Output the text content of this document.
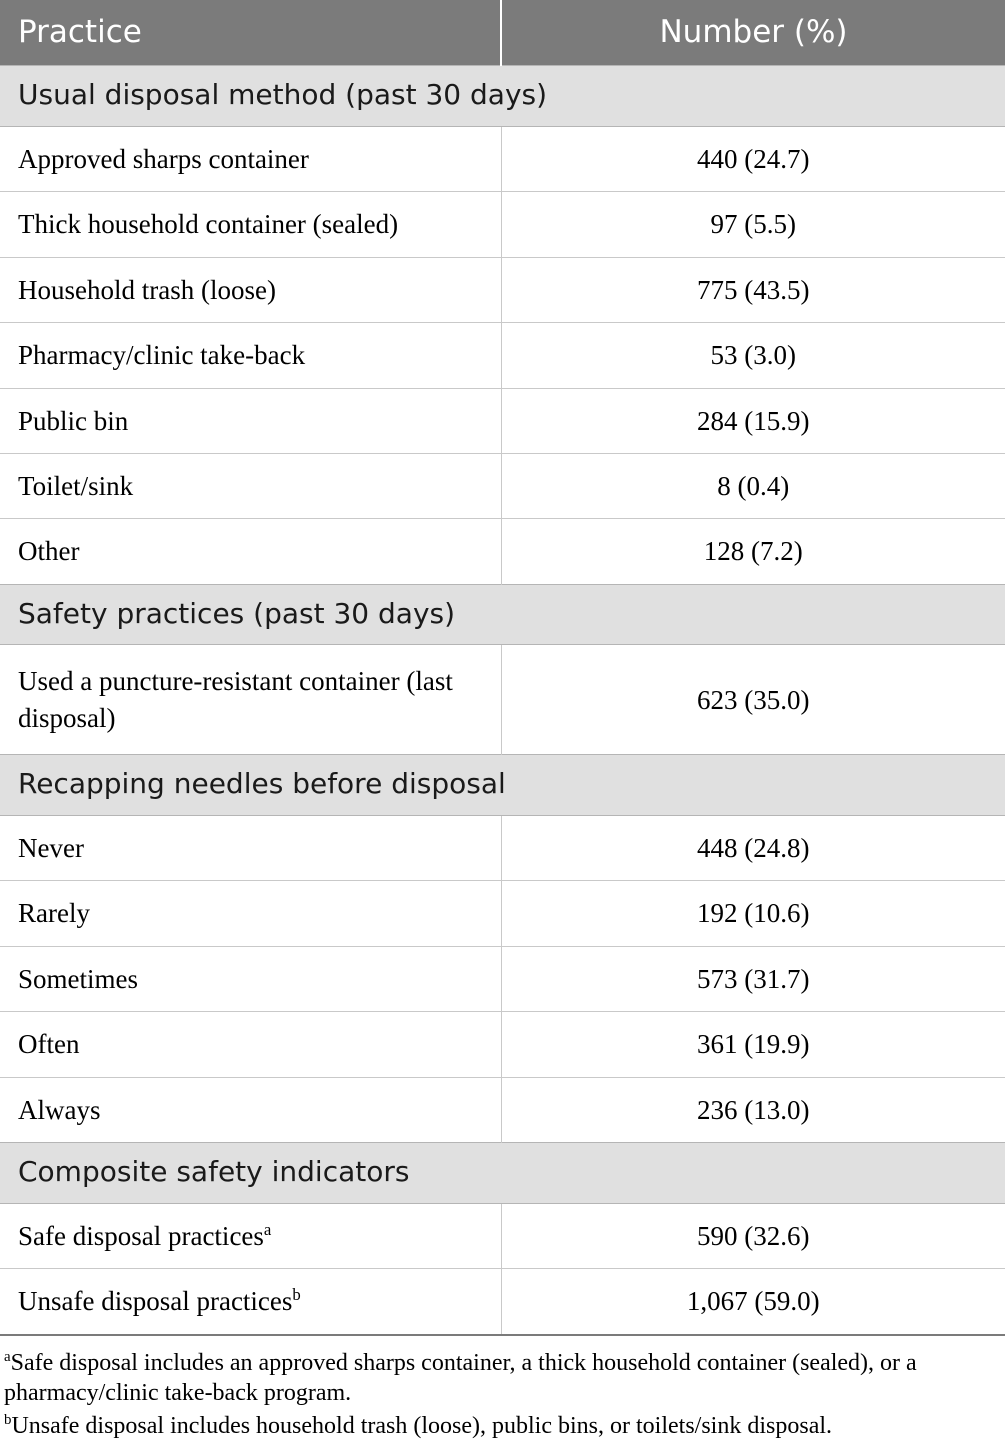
Practice	Number (%)
Usual disposal method (past 30 days)	
Approved sharps container	440 (24.7)
Thick household container (sealed)	97 (5.5)
Household trash (loose)	775 (43.5)
Pharmacy/clinic take-back	53 (3.0)
Public bin	284 (15.9)
Toilet/sink	8 (0.4)
Other	128 (7.2)
Safety practices (past 30 days)	
Used a puncture-resistant container (last disposal)	623 (35.0)
Recapping needles before disposal	
Never	448 (24.8)
Rarely	192 (10.6)
Sometimes	573 (31.7)
Often	361 (19.9)
Always	236 (13.0)
Composite safety indicators	
Safe disposal practices$^a$	590 (32.6)
Unsafe disposal practices$^b$	1,067 (59.0)

$^a$Safe disposal includes an approved sharps container, a thick household container (sealed), or a pharmacy/clinic take-back program.

$^b$Unsafe disposal includes household trash (loose), public bins, or toilets/sink disposal.
